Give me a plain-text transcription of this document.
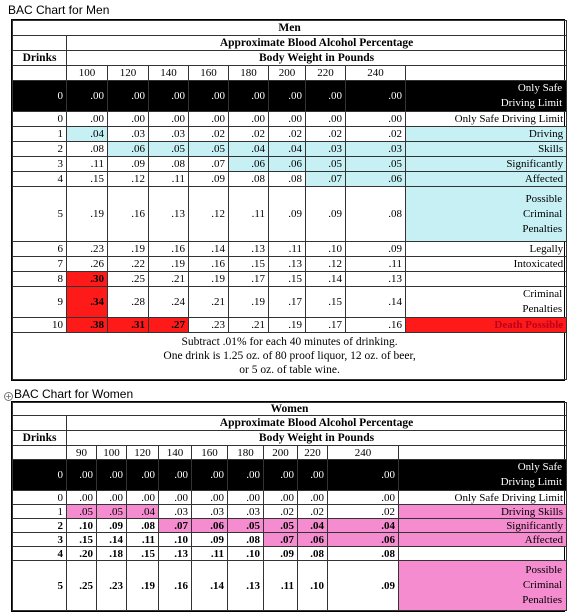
BAC Chart for Men
Men									
	Approximate Blood Alcohol Percentage								
Drinks	Body Weight in Pounds								
	100	120	140	160	180	200	220	240	
0	.00	.00	.00	.00	.00	.00	.00	.00	Only Safe
Driving Limit
0	.00	.00	.00	.00	.00	.00	.00	.00	Only Safe Driving Limit
1	.04	.03	.03	.02	.02	.02	.02	.02	Driving
2	.08	.06	.05	.05	.04	.04	.03	.03	Skills
3	.11	.09	.08	.07	.06	.06	.05	.05	Significantly
4	.15	.12	.11	.09	.08	.08	.07	.06	Affected
5	.19	.16	.13	.12	.11	.09	.09	.08	Possible
Criminal
Penalties
6	.23	.19	.16	.14	.13	.11	.10	.09	Legally
7	.26	.22	.19	.16	.15	.13	.12	.11	Intoxicated
8	.30	.25	.21	.19	.17	.15	.14	.13	
9	.34	.28	.24	.21	.19	.17	.15	.14	Criminal
Penalties
10	.38	.31	.27	.23	.21	.19	.17	.16	Death Possible
Subtract .01% for each 40 minutes of drinking.
One drink is 1.25 oz. of 80 proof liquor, 12 oz. of beer,
or 5 oz. of table wine.									
+ BAC Chart for Women
Women										
	Approximate Blood Alcohol Percentage									
Drinks	Body Weight in Pounds									
	90	100	120	140	160	180	200	220	240	
0	.00	.00	.00	.00	.00	.00	.00	.00	.00	Only Safe
Driving Limit
0	.00	.00	.00	.00	.00	.00	.00	.00	.00	Only Safe Driving Limit
1	.05	.05	.04	.03	.03	.03	.02	.02	.02	Driving Skills
2	.10	.09	.08	.07	.06	.05	.05	.04	.04	Significantly
3	.15	.14	.11	.10	.09	.08	.07	.06	.06	Affected
4	.20	.18	.15	.13	.11	.10	.09	.08	.08	
5	.25	.23	.19	.16	.14	.13	.11	.10	.09	Possible
Criminal
Penalties
